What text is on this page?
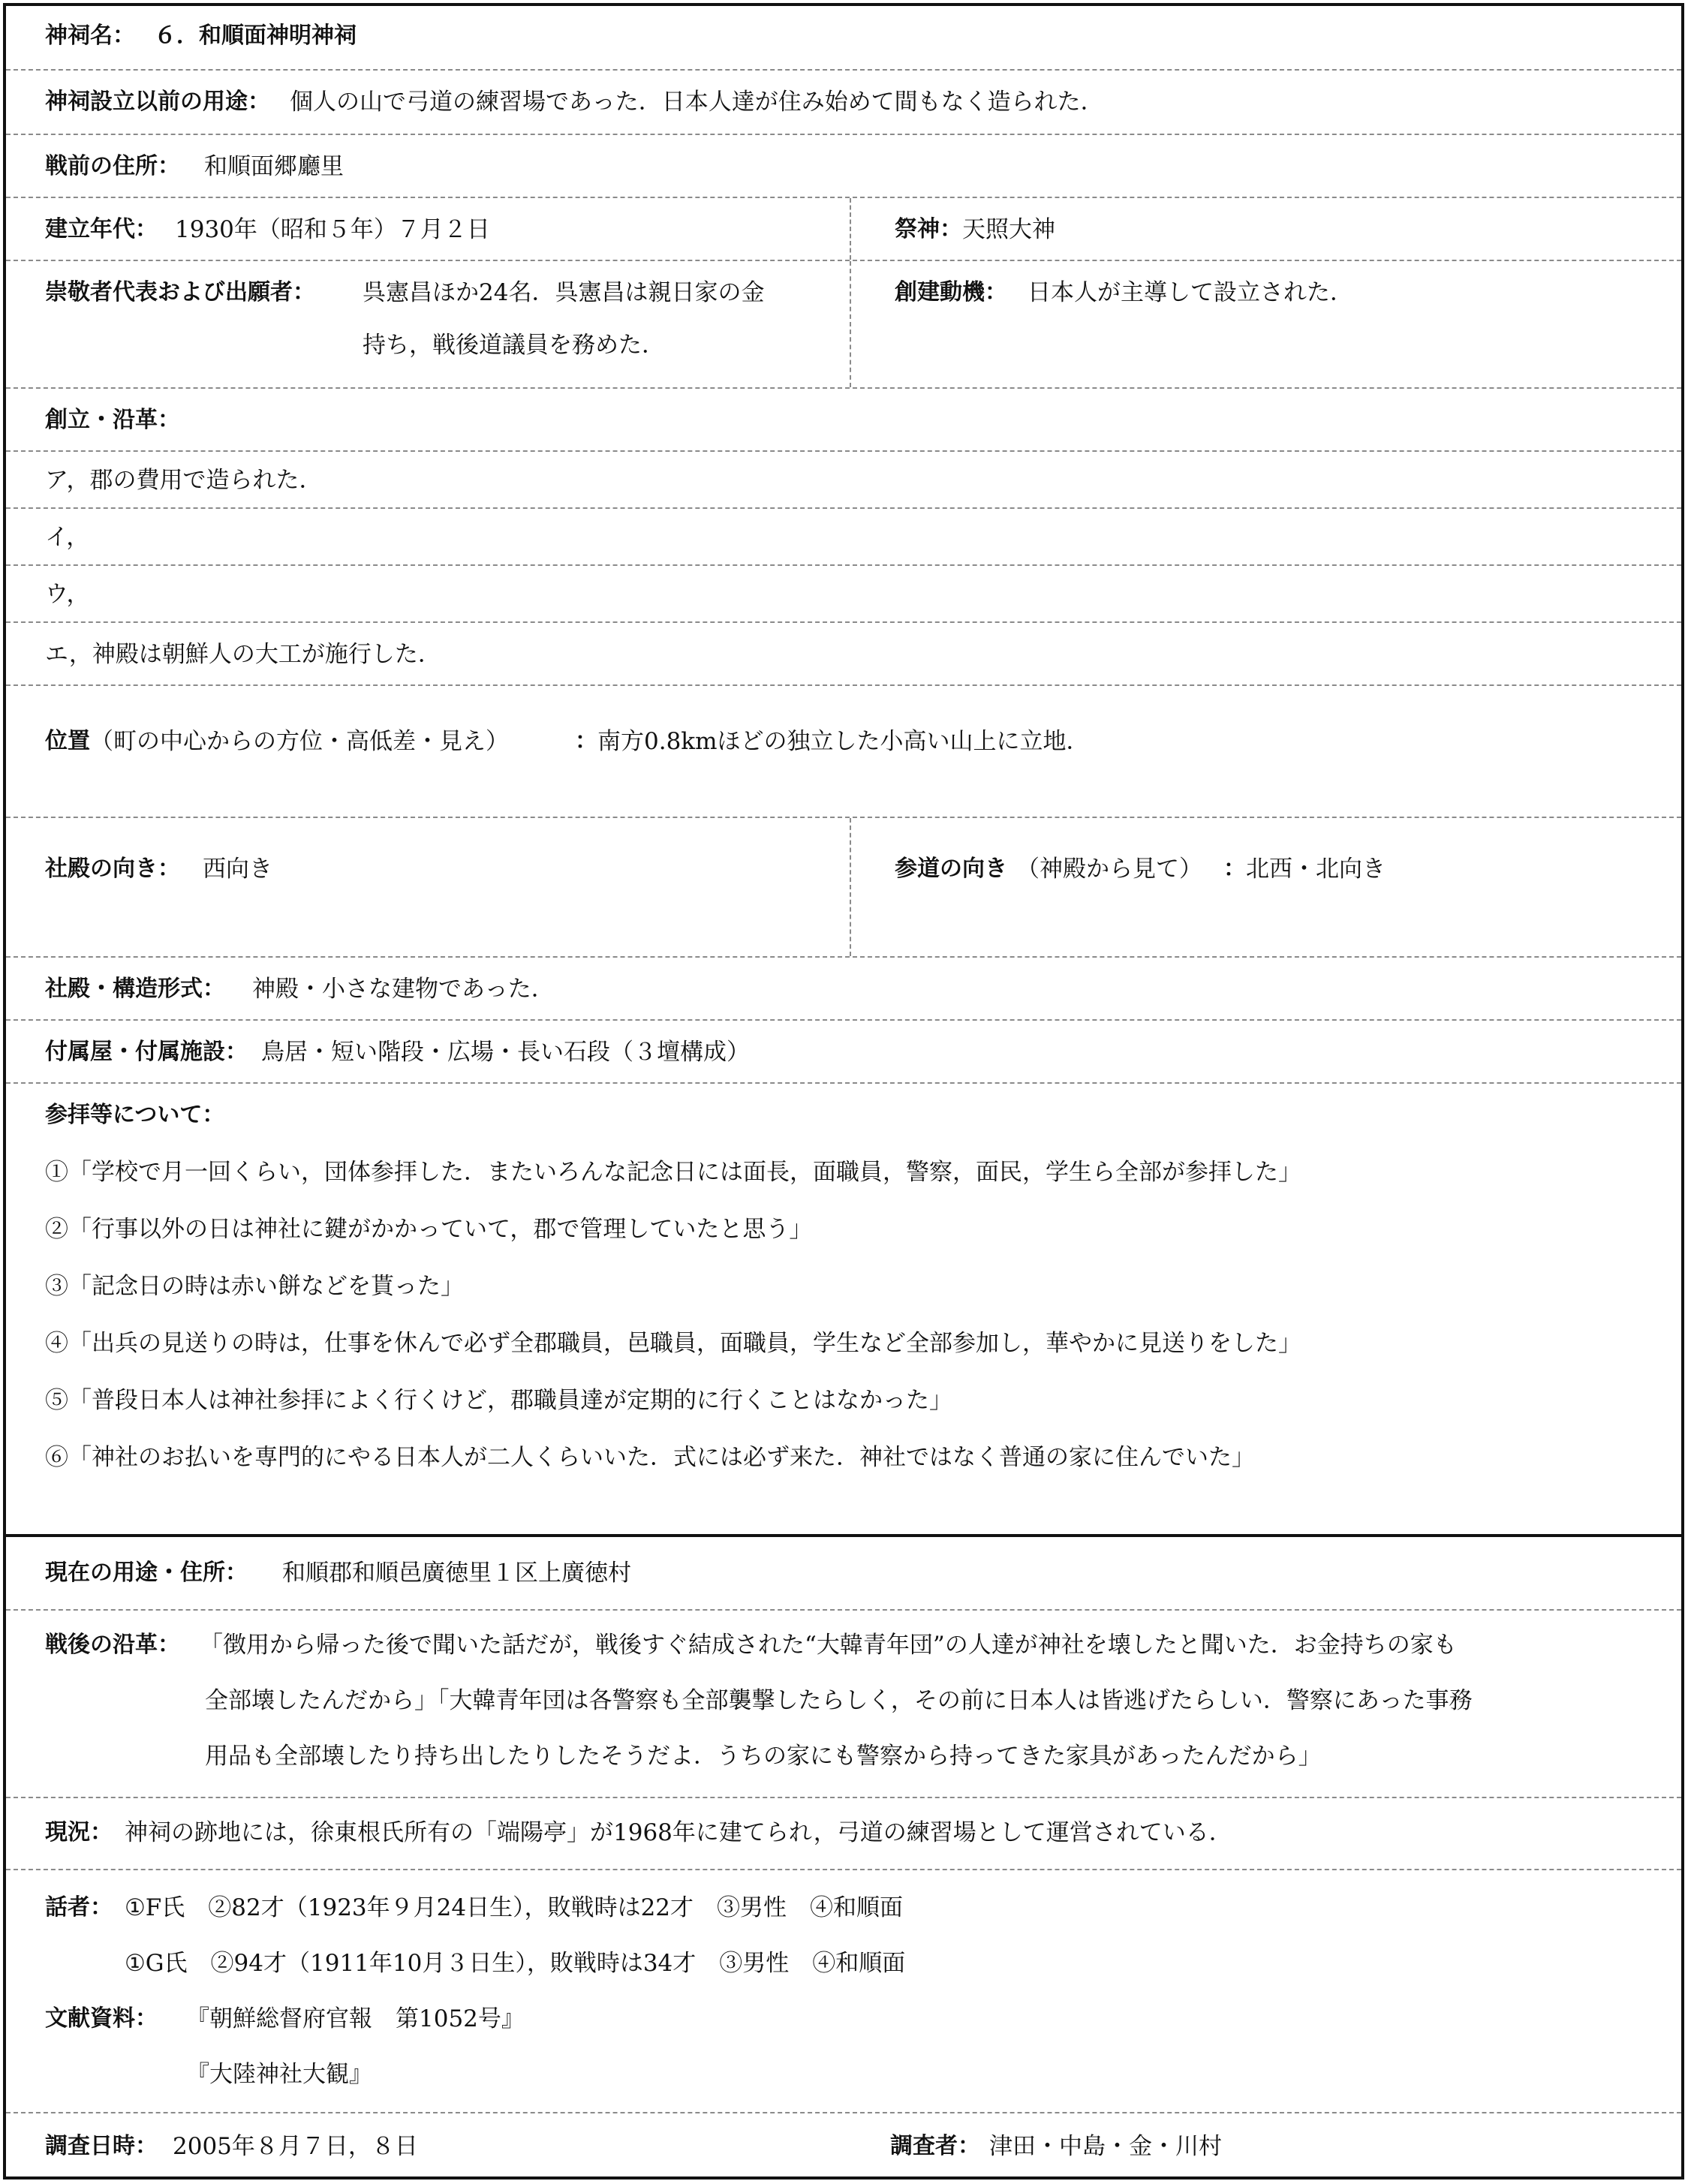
神祠名： ６．和順面神明神祠
神祠設立以前の用途： 個人の山で弓道の練習場であった．日本人達が住み始めて間もなく造られた．
戦前の住所： 和順面郷廳里
建立年代： 1930年（昭和５年）７月２日	祭神： 天照大神
崇敬者代表および出願者： 呉憲昌ほか24名．呉憲昌は親日家の金
持ち，戦後道議員を務めた．
創建動機： 日本人が主導して設立された．
創立・沿革：
ア，郡の費用で造られた．
イ，
ウ，
エ，神殿は朝鮮人の大工が施行した．
位置 （町の中心からの方位・高低差・見え）	： 南方0.8kmほどの独立した小高い山上に立地．
社殿の向き： 西向き	参道の向き （神殿から見て） ： 北西・北向き
社殿・構造形式： 神殿・小さな建物であった．
付属屋・付属施設： 鳥居・短い階段・広場・長い石段（３壇構成）
参拝等について：
①「学校で月一回くらい，団体参拝した．またいろんな記念日には面長，面職員，警察，面民，学生ら全部が参拝した」
②「行事以外の日は神社に鍵がかかっていて，郡で管理していたと思う」
③「記念日の時は赤い餅などを貰った」
④「出兵の見送りの時は，仕事を休んで必ず全郡職員，邑職員，面職員，学生など全部参加し，華やかに見送りをした」
⑤「普段日本人は神社参拝によく行くけど，郡職員達が定期的に行くことはなかった」
⑥「神社のお払いを専門的にやる日本人が二人くらいいた．式には必ず来た．神社ではなく普通の家に住んでいた」
現在の用途・住所： 和順郡和順邑廣徳里１区上廣徳村
戦後の沿革： 「徴用から帰った後で聞いた話だが，戦後すぐ結成された“大韓青年団”の人達が神社を壊したと聞いた．お金持ちの家も
全部壊したんだから」「大韓青年団は各警察も全部襲撃したらしく，その前に日本人は皆逃げたらしい．警察にあった事務
用品も全部壊したり持ち出したりしたそうだよ．うちの家にも警察から持ってきた家具があったんだから」
現況： 神祠の跡地には，徐東根氏所有の「端陽亭」が1968年に建てられ，弓道の練習場として運営されている．
話者： ①F氏　②82才（1923年９月24日生），敗戦時は22才　③男性　④和順面
①G氏　②94才（1911年10月３日生），敗戦時は34才　③男性　④和順面
文献資料： 『朝鮮総督府官報　第1052号』
『大陸神社大観』
調査日時： 2005年８月７日，８日	調査者： 津田・中島・金・川村
